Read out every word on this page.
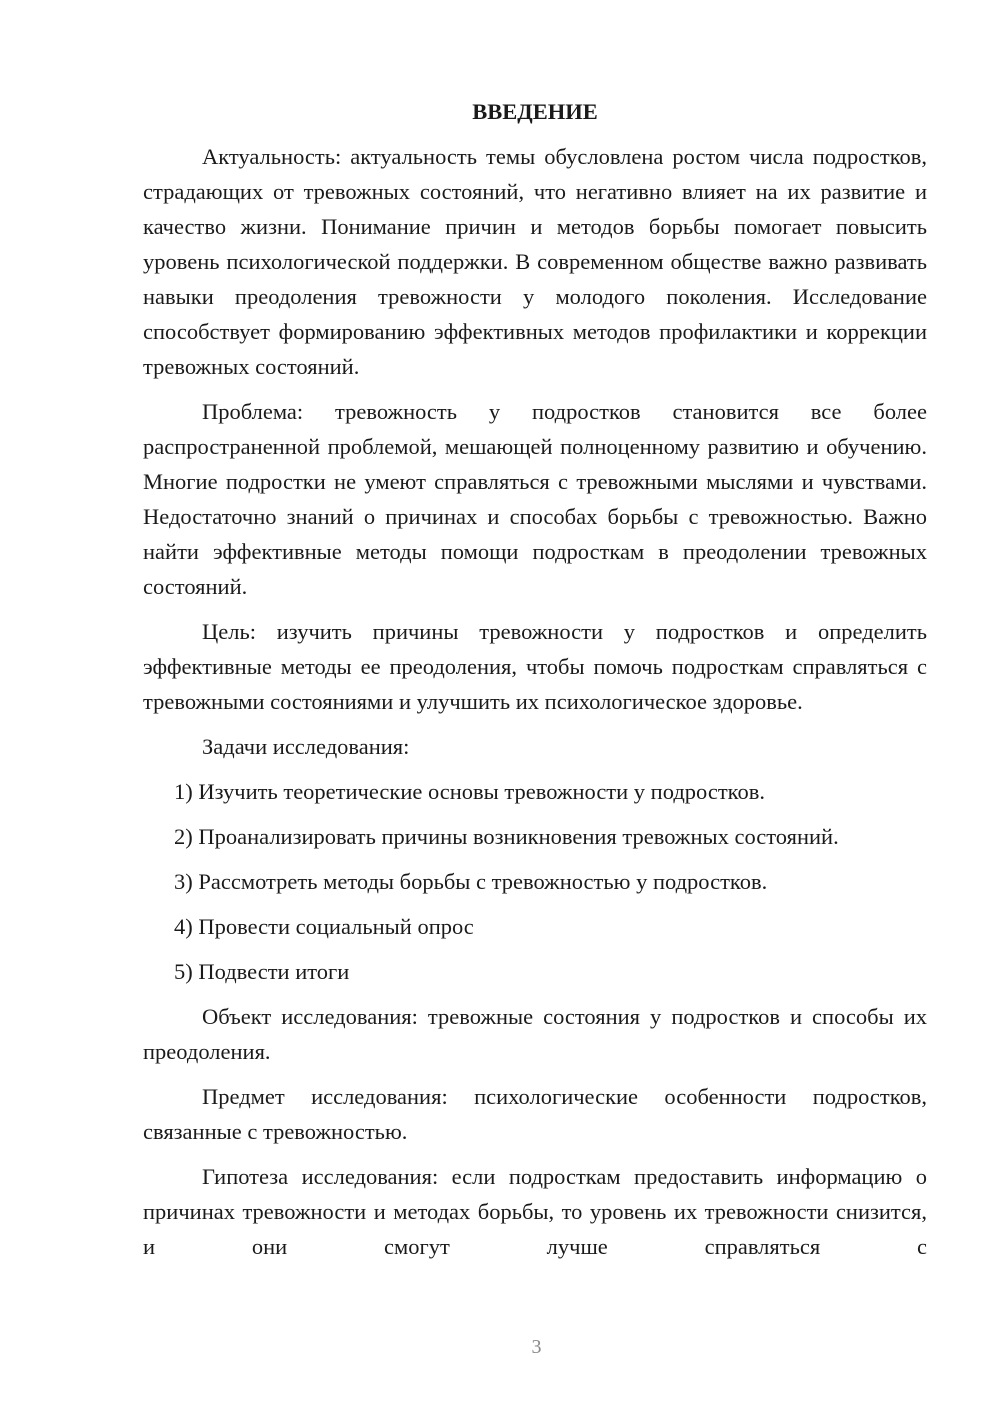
ВВЕДЕНИЕ

Актуальность: актуальность темы обусловлена ростом числа подростков, страдающих от тревожных состояний, что негативно влияет на их развитие и качество жизни. Понимание причин и методов борьбы помогает повысить уровень психологической поддержки. В современном обществе важно развивать навыки преодоления тревожности у молодого поколения. Исследование способствует формированию эффективных методов профилактики и коррекции тревожных состояний.

Проблема: тревожность у подростков становится все более распространенной проблемой, мешающей полноценному развитию и обучению. Многие подростки не умеют справляться с тревожными мыслями и чувствами. Недостаточно знаний о причинах и способах борьбы с тревожностью. Важно найти эффективные методы помощи подросткам в преодолении тревожных состояний.

Цель: изучить причины тревожности у подростков и определить эффективные методы ее преодоления, чтобы помочь подросткам справляться с тревожными состояниями и улучшить их психологическое здоровье.

Задачи исследования:

1) Изучить теоретические основы тревожности у подростков.
2) Проанализировать причины возникновения тревожных состояний.
3) Рассмотреть методы борьбы с тревожностью у подростков.
4) Провести социальный опрос
5) Подвести итоги

Объект исследования: тревожные состояния у подростков и способы их преодоления.

Предмет исследования: психологические особенности подростков, связанные с тревожностью.

Гипотеза исследования: если подросткам предоставить информацию о причинах тревожности и методах борьбы, то уровень их тревожности снизится, и они смогут лучше справляться с

3
